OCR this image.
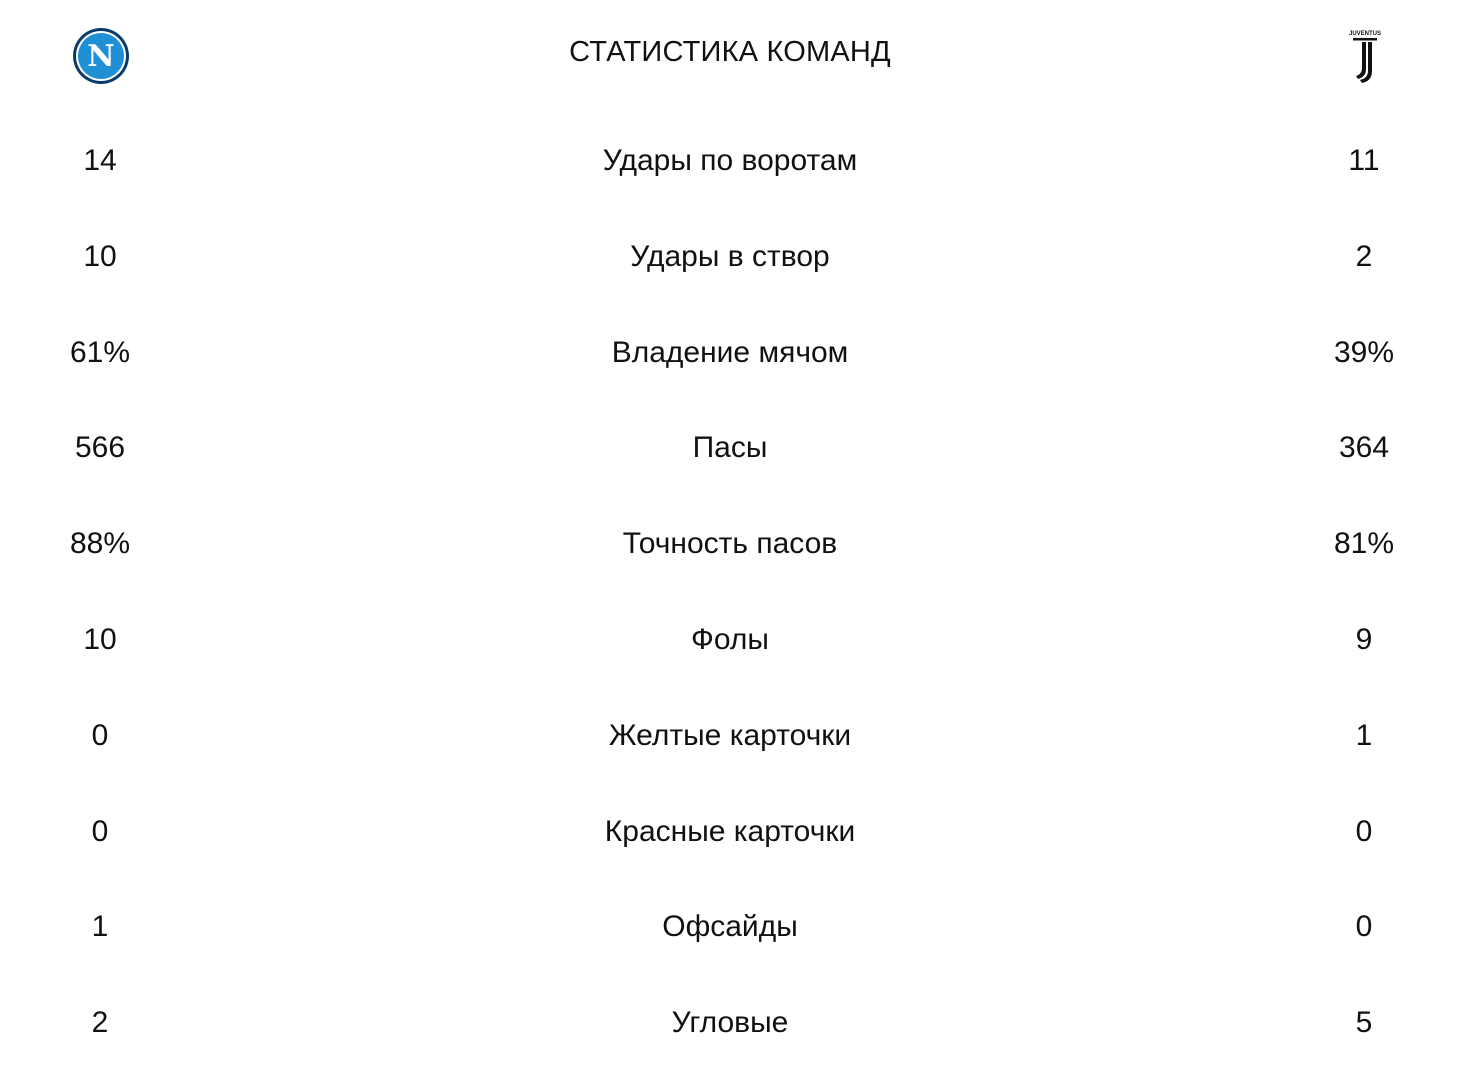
N	СТАТИСТИКА КОМАНД
JUVENTUS
14	Удары по воротам	11
10	Удары в створ	2
61%	Владение мячом	39%
566	Пасы	364
88%	Точность пасов	81%
10	Фолы	9
0	Желтые карточки	1
0	Красные карточки	0
1	Офсайды	0
2	Угловые	5
